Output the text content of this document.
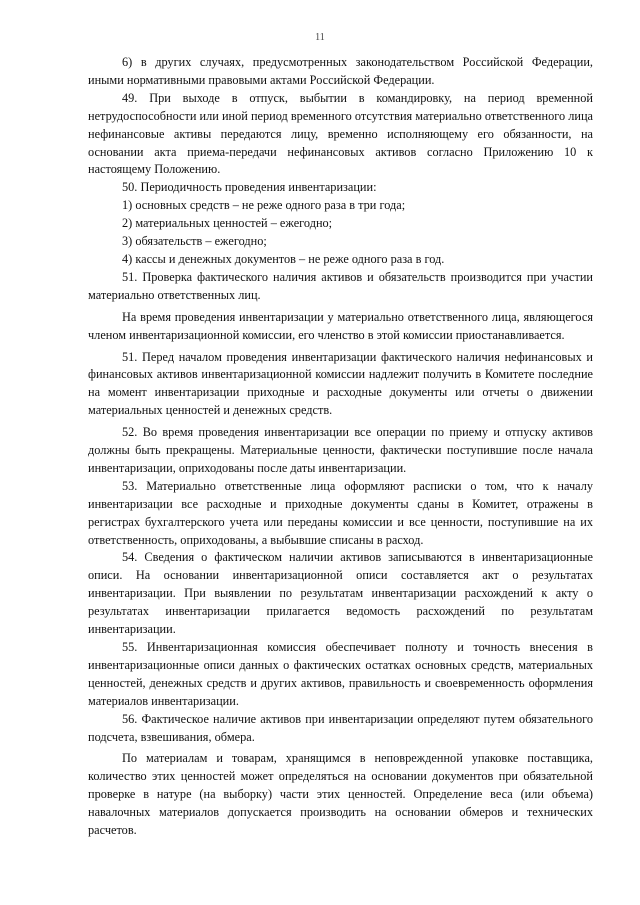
11

6) в других случаях, предусмотренных законодательством Российской Федерации, иными нормативными правовыми актами Российской Федерации.

49. При выходе в отпуск, выбытии в командировку, на период временной нетрудоспособности или иной период временного отсутствия материально ответственного лица нефинансовые активы передаются лицу, временно исполняющему его обязанности, на основании акта приема-передачи нефинансовых активов согласно Приложению 10 к настоящему Положению.

50. Периодичность проведения инвентаризации:

1) основных средств – не реже одного раза в три года;

2) материальных ценностей – ежегодно;

3) обязательств – ежегодно;

4) кассы и денежных документов – не реже одного раза в год.

51. Проверка фактического наличия активов и обязательств производится при участии материально ответственных лиц.

На время проведения инвентаризации у материально ответственного лица, являющегося членом инвентаризационной комиссии, его членство в этой комиссии приостанавливается.

51. Перед началом проведения инвентаризации фактического наличия нефинансовых и финансовых активов инвентаризационной комиссии надлежит получить в Комитете последние на момент инвентаризации приходные и расходные документы или отчеты о движении материальных ценностей и денежных средств.

52. Во время проведения инвентаризации все операции по приему и отпуску активов должны быть прекращены. Материальные ценности, фактически поступившие после начала инвентаризации, оприходованы после даты инвентаризации.

53. Материально ответственные лица оформляют расписки о том, что к началу инвентаризации все расходные и приходные документы сданы в Комитет, отражены в регистрах бухгалтерского учета или переданы комиссии и все ценности, поступившие на их ответственность, оприходованы, а выбывшие списаны в расход.

54. Сведения о фактическом наличии активов записываются в инвентаризационные описи. На основании инвентаризационной описи составляется акт о результатах инвентаризации. При выявлении по результатам инвентаризации расхождений к акту о результатах инвентаризации прилагается ведомость расхождений по результатам инвентаризации.

55. Инвентаризационная комиссия обеспечивает полноту и точность внесения в инвентаризационные описи данных о фактических остатках основных средств, материальных ценностей, денежных средств и других активов, правильность и своевременность оформления материалов инвентаризации.

56. Фактическое наличие активов при инвентаризации определяют путем обязательного подсчета, взвешивания, обмера.

По материалам и товарам, хранящимся в неповрежденной упаковке поставщика, количество этих ценностей может определяться на основании документов при обязательной проверке в натуре (на выборку) части этих ценностей. Определение веса (или объема) навалочных материалов допускается производить на основании обмеров и технических расчетов.
